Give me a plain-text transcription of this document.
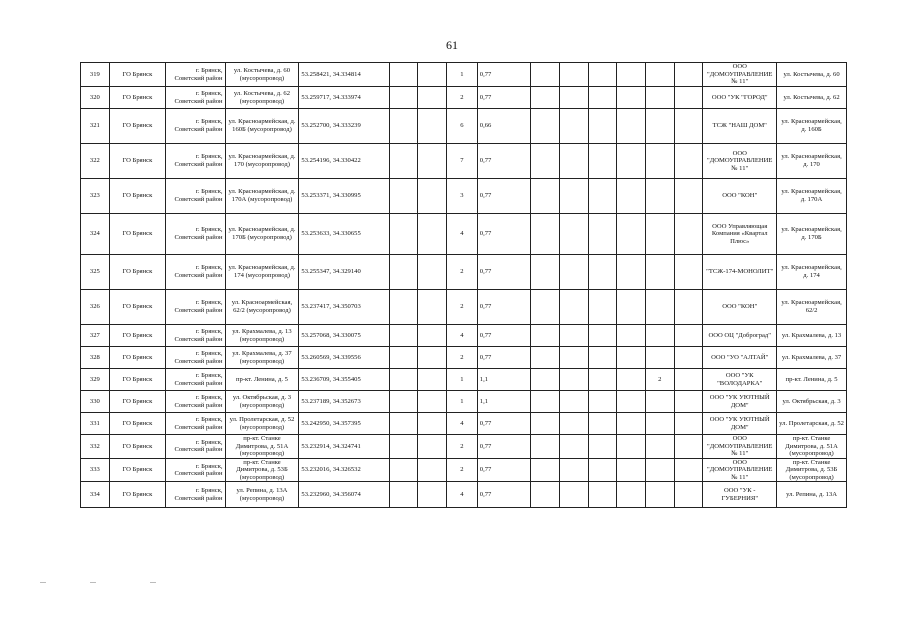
61
319	ГО Брянск	г. Брянск, Советский район	ул. Костычева, д. 60 (мусоропровод)	53.258421, 34.334814			1	0,77							ООО "ДОМОУПРАВЛЕНИЕ № 11"	ул. Костычева, д. 60
320	ГО Брянск	г. Брянск, Советский район	ул. Костычева, д. 62 (мусоропровод)	53.259717, 34.333974			2	0,77							ООО "УК "ГОРОД"	ул. Костычева, д. 62
321	ГО Брянск	г. Брянск, Советский район	ул. Красноармейская, д. 160Б (мусоропровод)	53.252700, 34.333239			6	0,66							ТСЖ "НАШ ДОМ"	ул. Красноармейская, д. 160Б
322	ГО Брянск	г. Брянск, Советский район	ул. Красноармейская, д. 170 (мусоропровод)	53.254196, 34.330422			7	0,77							ООО "ДОМОУПРАВЛЕНИЕ № 11"	ул. Красноармейская, д. 170
323	ГО Брянск	г. Брянск, Советский район	ул. Красноармейская, д. 170А (мусоропровод)	53.253371, 34.330995			3	0,77							ООО "КОН"	ул. Красноармейская, д. 170А
324	ГО Брянск	г. Брянск, Советский район	ул. Красноармейская, д. 170Б (мусоропровод)	53.253633, 34.330655			4	0,77							ООО Управляющая Компания «Квартал Плюс»	ул. Красноармейская, д. 170Б
325	ГО Брянск	г. Брянск, Советский район	ул. Красноармейская, д. 174 (мусоропровод)	53.255347, 34.329140			2	0,77							"ТСЖ-174-МОНОЛИТ"	ул. Красноармейская, д. 174
326	ГО Брянск	г. Брянск, Советский район	ул. Красноармейская, 62/2 (мусоропровод)	53.237417, 34.350703			2	0,77							ООО "КОН"	ул. Красноармейская, 62/2
327	ГО Брянск	г. Брянск, Советский район	ул. Крахмалева, д. 13 (мусоропровод)	53.257068, 34.330075			4	0,77							ООО ОЦ "Доброград"	ул. Крахмалева, д. 13
328	ГО Брянск	г. Брянск, Советский район	ул. Крахмалева, д. 37 (мусоропровод)	53.260569, 34.339556			2	0,77							ООО "УО "АЛТАЙ"	ул. Крахмалева, д. 37
329	ГО Брянск	г. Брянск, Советский район	пр-кт. Ленина, д. 5	53.236709, 34.355405			1	1,1					2		ООО "УК "ВОЛОДАРКА"	пр-кт. Ленина, д. 5
330	ГО Брянск	г. Брянск, Советский район	ул. Октябрьская, д. 3 (мусоропровод)	53.237189, 34.352673			1	1,1							ООО "УК УЮТНЫЙ ДОМ"	ул. Октябрьская, д. 3
331	ГО Брянск	г. Брянск, Советский район	ул. Пролетарская, д. 52 (мусоропровод)	53.242950, 34.357395			4	0,77							ООО "УК УЮТНЫЙ ДОМ"	ул. Пролетарская, д. 52
332	ГО Брянск	г. Брянск, Советский район	пр-кт. Станке Димитрова, д. 51А (мусоропровод)	53.232914, 34.324741			2	0,77							ООО "ДОМОУПРАВЛЕНИЕ № 11"	пр-кт. Станке Димитрова, д. 51А (мусоропровод)
333	ГО Брянск	г. Брянск, Советский район	пр-кт. Станке Димитрова, д. 53Б (мусоропровод)	53.232016, 34.326532			2	0,77							ООО "ДОМОУПРАВЛЕНИЕ № 11"	пр-кт. Станке Димитрова, д. 53Б (мусоропровод)
334	ГО Брянск	г. Брянск, Советский район	ул. Репина, д. 13А (мусоропровод)	53.232960, 34.356074			4	0,77							ООО "УК - ГУБЕРНИЯ"	ул. Репина, д. 13А
